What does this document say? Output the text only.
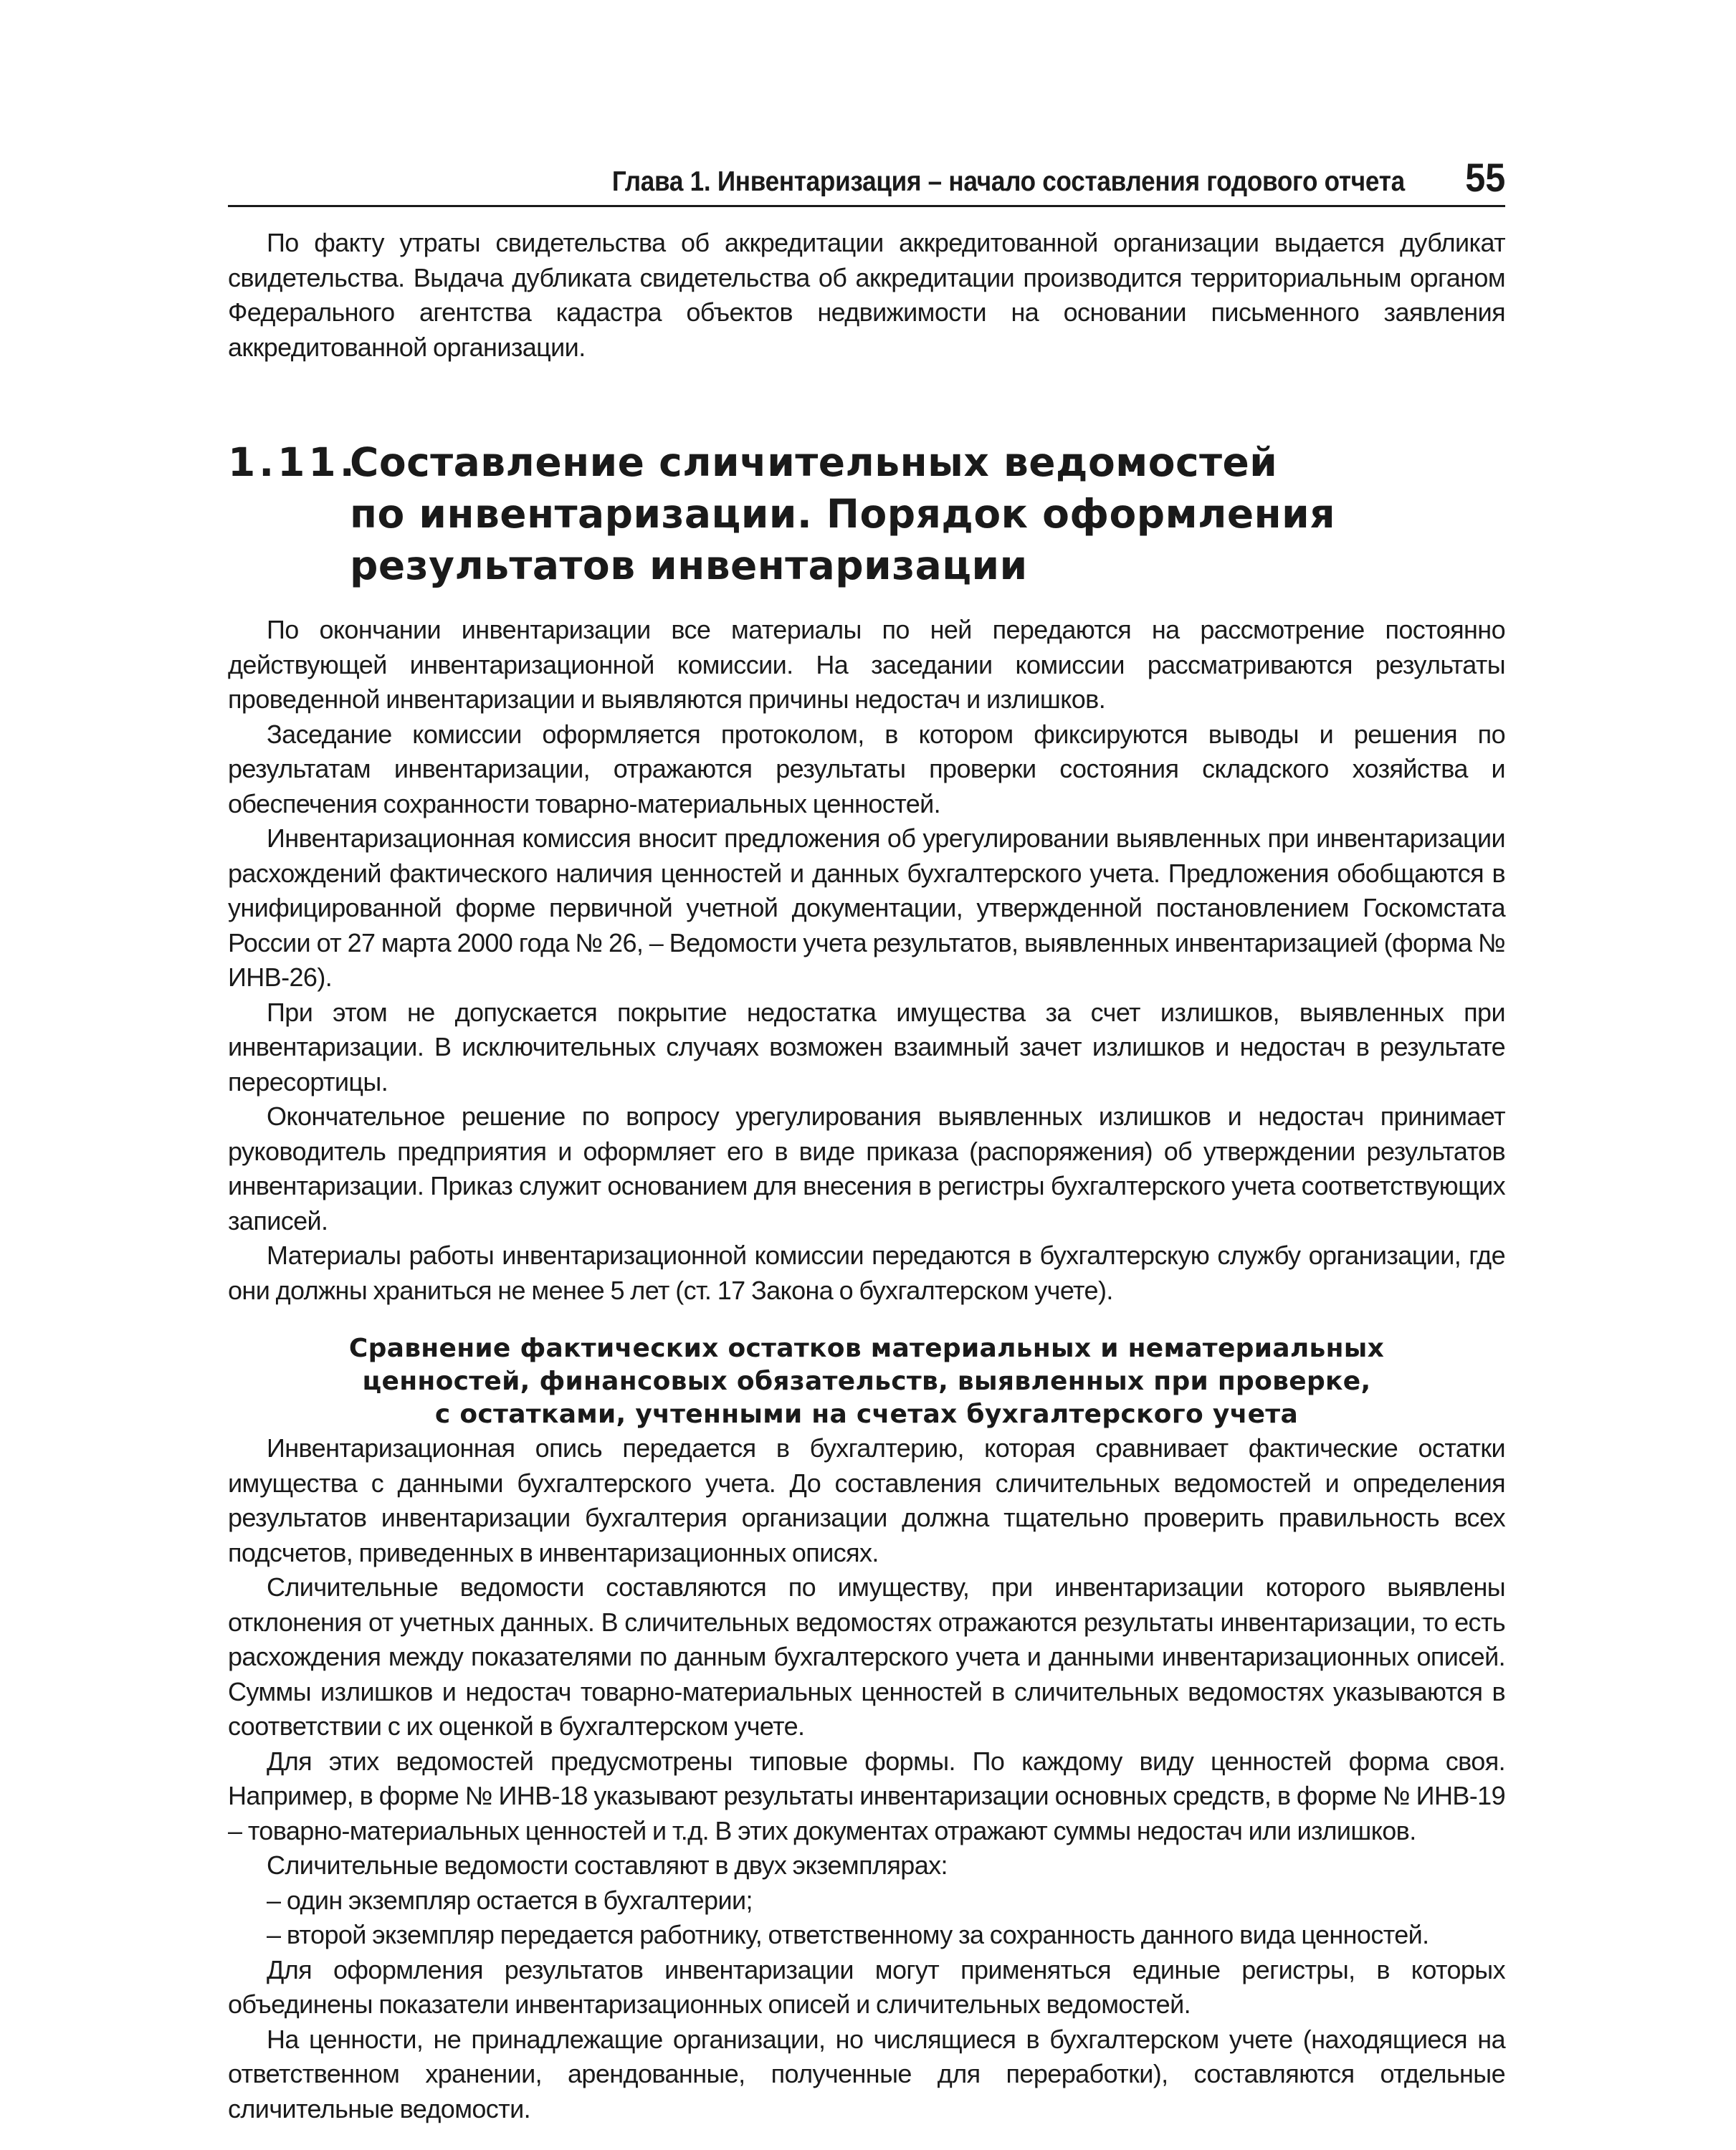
Глава 1. Инвентаризация – начало составления годового отчета 55

По факту утраты свидетельства об аккредитации аккредитованной организации выдается дубликат свидетельства. Выдача дубликата свидетельства об аккредитации производится территориальным органом Федерального агентства кадастра объектов недвижимости на основании письменного заявления аккредитованной организации.

1.11.
Составление сличительных ведомостей
по инвентаризации. Порядок оформления
результатов инвентаризации

По окончании инвентаризации все материалы по ней передаются на рассмотрение постоянно действующей инвентаризационной комиссии. На заседании комиссии рассматриваются результаты проведенной инвентаризации и выявляются причины недостач и излишков.

Заседание комиссии оформляется протоколом, в котором фиксируются выводы и решения по результатам инвентаризации, отражаются результаты проверки состояния складского хозяйства и обеспечения сохранности товарно-материальных ценностей.

Инвентаризационная комиссия вносит предложения об урегулировании выявленных при инвентаризации расхождений фактического наличия ценностей и данных бухгалтерского учета. Предложения обобщаются в унифицированной форме первичной учетной документации, утвержденной постановлением Госкомстата России от 27 марта 2000 года № 26, – Ведомости учета результатов, выявленных инвентаризацией (форма № ИНВ-26).

При этом не допускается покрытие недостатка имущества за счет излишков, выявленных при инвентаризации. В исключительных случаях возможен взаимный зачет излишков и недостач в результате пересортицы.

Окончательное решение по вопросу урегулирования выявленных излишков и недостач принимает руководитель предприятия и оформляет его в виде приказа (распоряжения) об утверждении результатов инвентаризации. Приказ служит основанием для внесения в регистры бухгалтерского учета соответствующих записей.

Материалы работы инвентаризационной комиссии передаются в бухгалтерскую службу организации, где они должны храниться не менее 5 лет (ст. 17 Закона о бухгалтерском учете).

Сравнение фактических остатков материальных и нематериальных
ценностей, финансовых обязательств, выявленных при проверке,
с остатками, учтенными на счетах бухгалтерского учета

Инвентаризационная опись передается в бухгалтерию, которая сравнивает фактические остатки имущества с данными бухгалтерского учета. До составления сличительных ведомостей и определения результатов инвентаризации бухгалтерия организации должна тщательно проверить правильность всех подсчетов, приведенных в инвентаризационных описях.

Сличительные ведомости составляются по имуществу, при инвентаризации которого выявлены отклонения от учетных данных. В сличительных ведомостях отражаются результаты инвентаризации, то есть расхождения между показателями по данным бухгалтерского учета и данными инвентаризационных описей. Суммы излишков и недостач товарно-материальных ценностей в сличительных ведомостях указываются в соответствии с их оценкой в бухгалтерском учете.

Для этих ведомостей предусмотрены типовые формы. По каждому виду ценностей форма своя. Например, в форме № ИНВ-18 указывают результаты инвентаризации основных средств, в форме № ИНВ-19 – товарно-материальных ценностей и т.д. В этих документах отражают суммы недостач или излишков.

Сличительные ведомости составляют в двух экземплярах:

– один экземпляр остается в бухгалтерии;

– второй экземпляр передается работнику, ответственному за сохранность данного вида ценностей.

Для оформления результатов инвентаризации могут применяться единые регистры, в которых объединены показатели инвентаризационных описей и сличительных ведомостей.

На ценности, не принадлежащие организации, но числящиеся в бухгалтерском учете (находящиеся на ответственном хранении, арендованные, полученные для переработки), составляются отдельные сличительные ведомости.
